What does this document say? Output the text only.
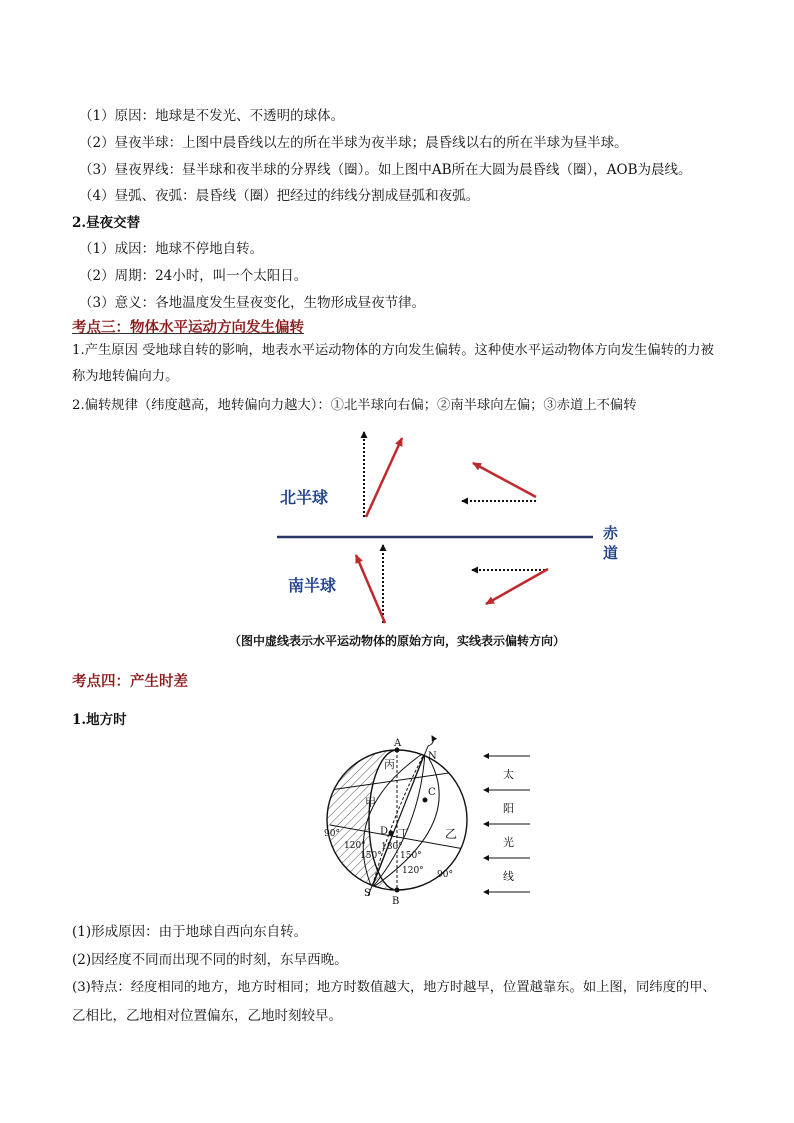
（1）原因：地球是不发光、不透明的球体。
（2）昼夜半球：上图中晨昏线以左的所在半球为夜半球；晨昏线以右的所在半球为昼半球。
（3）昼夜界线：昼半球和夜半球的分界线（圈）。如上图中AB所在大圆为晨昏线（圈），AOB为晨线。
（4）昼弧、夜弧：晨昏线（圈）把经过的纬线分割成昼弧和夜弧。
2.昼夜交替
（1）成因：地球不停地自转。
（2）周期：24小时，叫一个太阳日。
（3）意义：各地温度发生昼夜变化，生物形成昼夜节律。
考点三：物体水平运动方向发生偏转
1.产生原因 受地球自转的影响，地表水平运动物体的方向发生偏转。这种使水平运动物体方向发生偏转的力被
称为地转偏向力。
2.偏转规律（纬度越高，地转偏向力越大）：①北半球向右偏；②南半球向左偏；③赤道上不偏转
北半球
南半球
赤
道
（图中虚线表示水平运动物体的原始方向，实线表示偏转方向）
考点四：产生时差
1.地方时
A
B
N
S
C
D
丙
甲
丁	乙
90°
120°
150°
180°
150°
120° 90°
太
阳
光
线
(1)形成原因：由于地球自西向东自转。
(2)因经度不同而出现不同的时刻，东早西晚。
(3)特点：经度相同的地方，地方时相同；地方时数值越大，地方时越早，位置越靠东。如上图，同纬度的甲、
乙相比，乙地相对位置偏东，乙地时刻较早。
